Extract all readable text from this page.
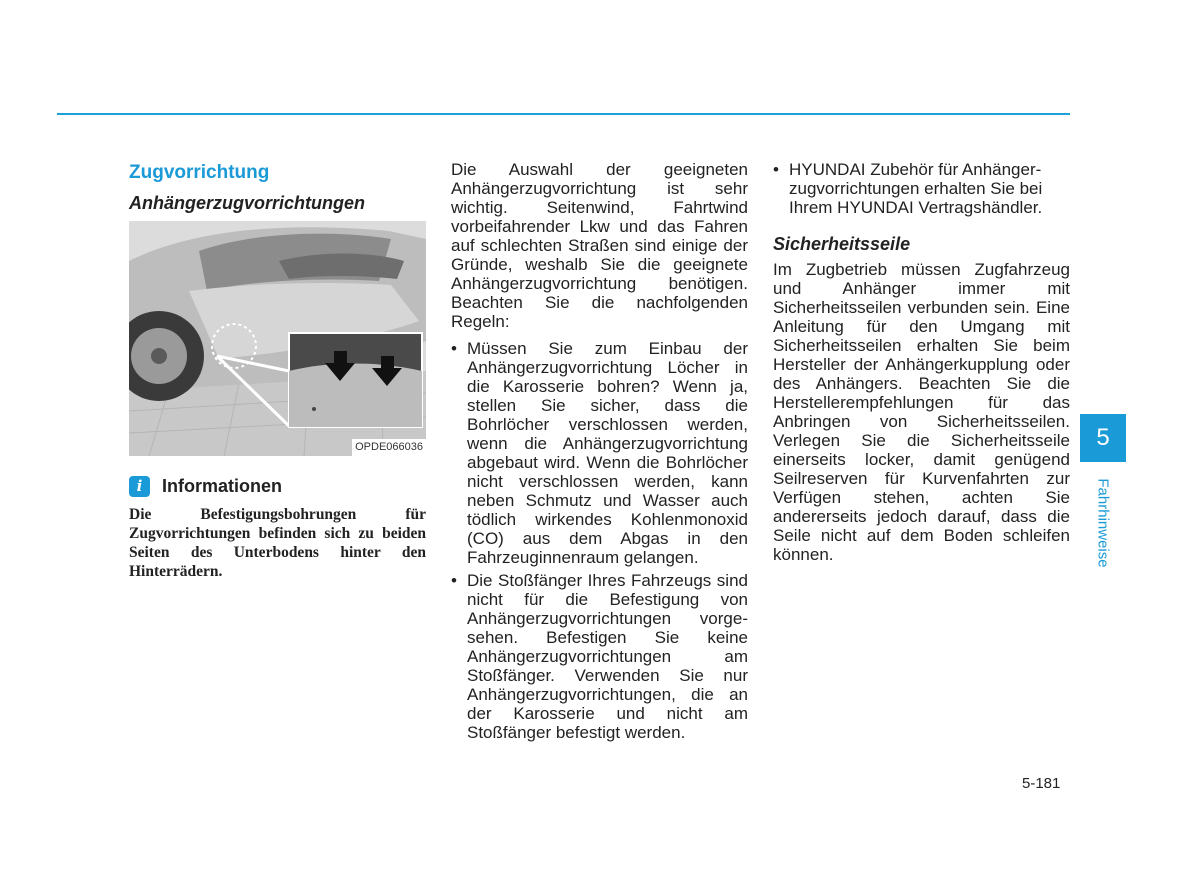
Zugvorrichtung
Anhängerzugvorrichtungen
OPDE066036
i	Informationen

Die Befestigungsbohrungen für Zugvorrichtungen befinden sich zu beiden Seiten des Unterbodens hinter den Hinterrädern.

Die Auswahl der geeigneten Anhängerzugvorrichtung ist sehr wichtig. Seitenwind, Fahrtwind vorbeifahrender Lkw und das Fahren auf schlechten Straßen sind einige der Gründe, weshalb Sie die geeignete Anhängerzugvorrichtung benötigen. Beachten Sie die nachfolgenden Regeln:

• Müssen Sie zum Einbau der Anhängerzugvorrichtung Löcher in die Karosserie bohren? Wenn ja, stellen Sie sicher, dass die Bohrlöcher verschlossen werden, wenn die Anhängerzugvorrichtung abgebaut wird. Wenn die Bohrlöcher nicht verschlossen werden, kann neben Schmutz und Wasser auch tödlich wirkendes Kohlenmonoxid (CO) aus dem Abgas in den Fahrzeuginnenraum gelangen.
• Die Stoßfänger Ihres Fahrzeugs sind nicht für die Befestigung von Anhängerzugvorrichtungen vorge-sehen. Befestigen Sie keine Anhängerzugvorrichtungen am Stoßfänger. Verwenden Sie nur Anhängerzugvorrichtungen, die an der Karosserie und nicht am Stoßfänger befestigt werden.
• HYUNDAI Zubehör für Anhänger-zugvorrichtungen erhalten Sie bei Ihrem HYUNDAI Vertragshändler.
Sicherheitsseile

Im Zugbetrieb müssen Zugfahrzeug und Anhänger immer mit Sicherheitsseilen verbunden sein. Eine Anleitung für den Umgang mit Sicherheitsseilen erhalten Sie beim Hersteller der Anhängerkupplung oder des Anhängers. Beachten Sie die Herstellerempfehlungen für das Anbringen von Sicherheitsseilen. Verlegen Sie die Sicherheitsseile einerseits locker, damit genügend Seilreserven für Kurvenfahrten zur Verfügen stehen, achten Sie andererseits jedoch darauf, dass die Seile nicht auf dem Boden schleifen können.

5
Fahrhinweise
5-181
